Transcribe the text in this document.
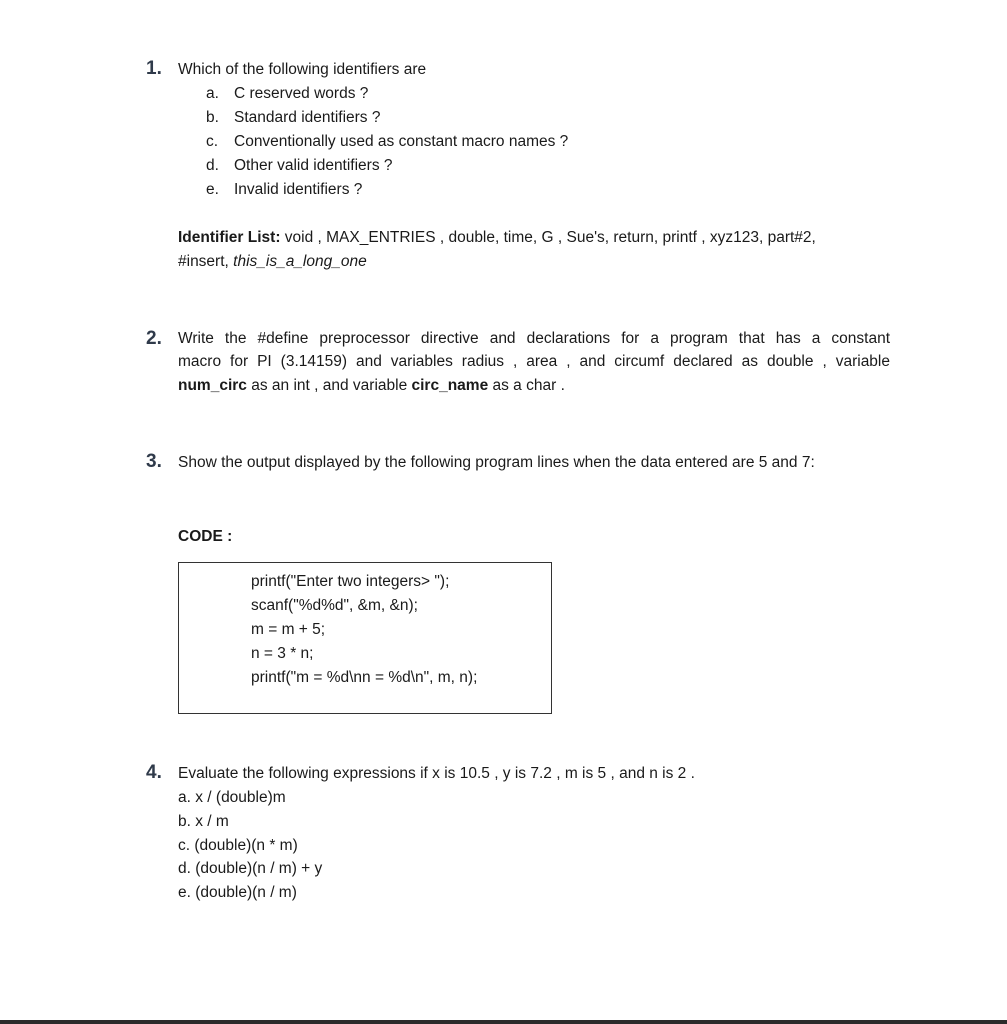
1. Which of the following identifiers are
a. C reserved words ?
b. Standard identifiers ?
c. Conventionally used as constant macro names ?
d. Other valid identifiers ?
e. Invalid identifiers ?
Identifier List: void , MAX_ENTRIES , double, time, G , Sue's, return, printf , xyz123, part#2,
#insert, this_is_a_long_one
2. Write the #define preprocessor directive and declarations for a program that has a constant
macro for PI (3.14159) and variables radius , area , and circumf declared as double , variable
num_circ as an int , and variable circ_name as a char .
3. Show the output displayed by the following program lines when the data entered are 5 and 7:
CODE :
printf("Enter two integers> ");
scanf("%d%d", &m, &n);
m = m + 5;
n = 3 * n;
printf("m = %d\nn = %d\n", m, n);
4. Evaluate the following expressions if x is 10.5 , y is 7.2 , m is 5 , and n is 2 .
a. x / (double)m
b. x / m
c. (double)(n * m)
d. (double)(n / m) + y
e. (double)(n / m)
